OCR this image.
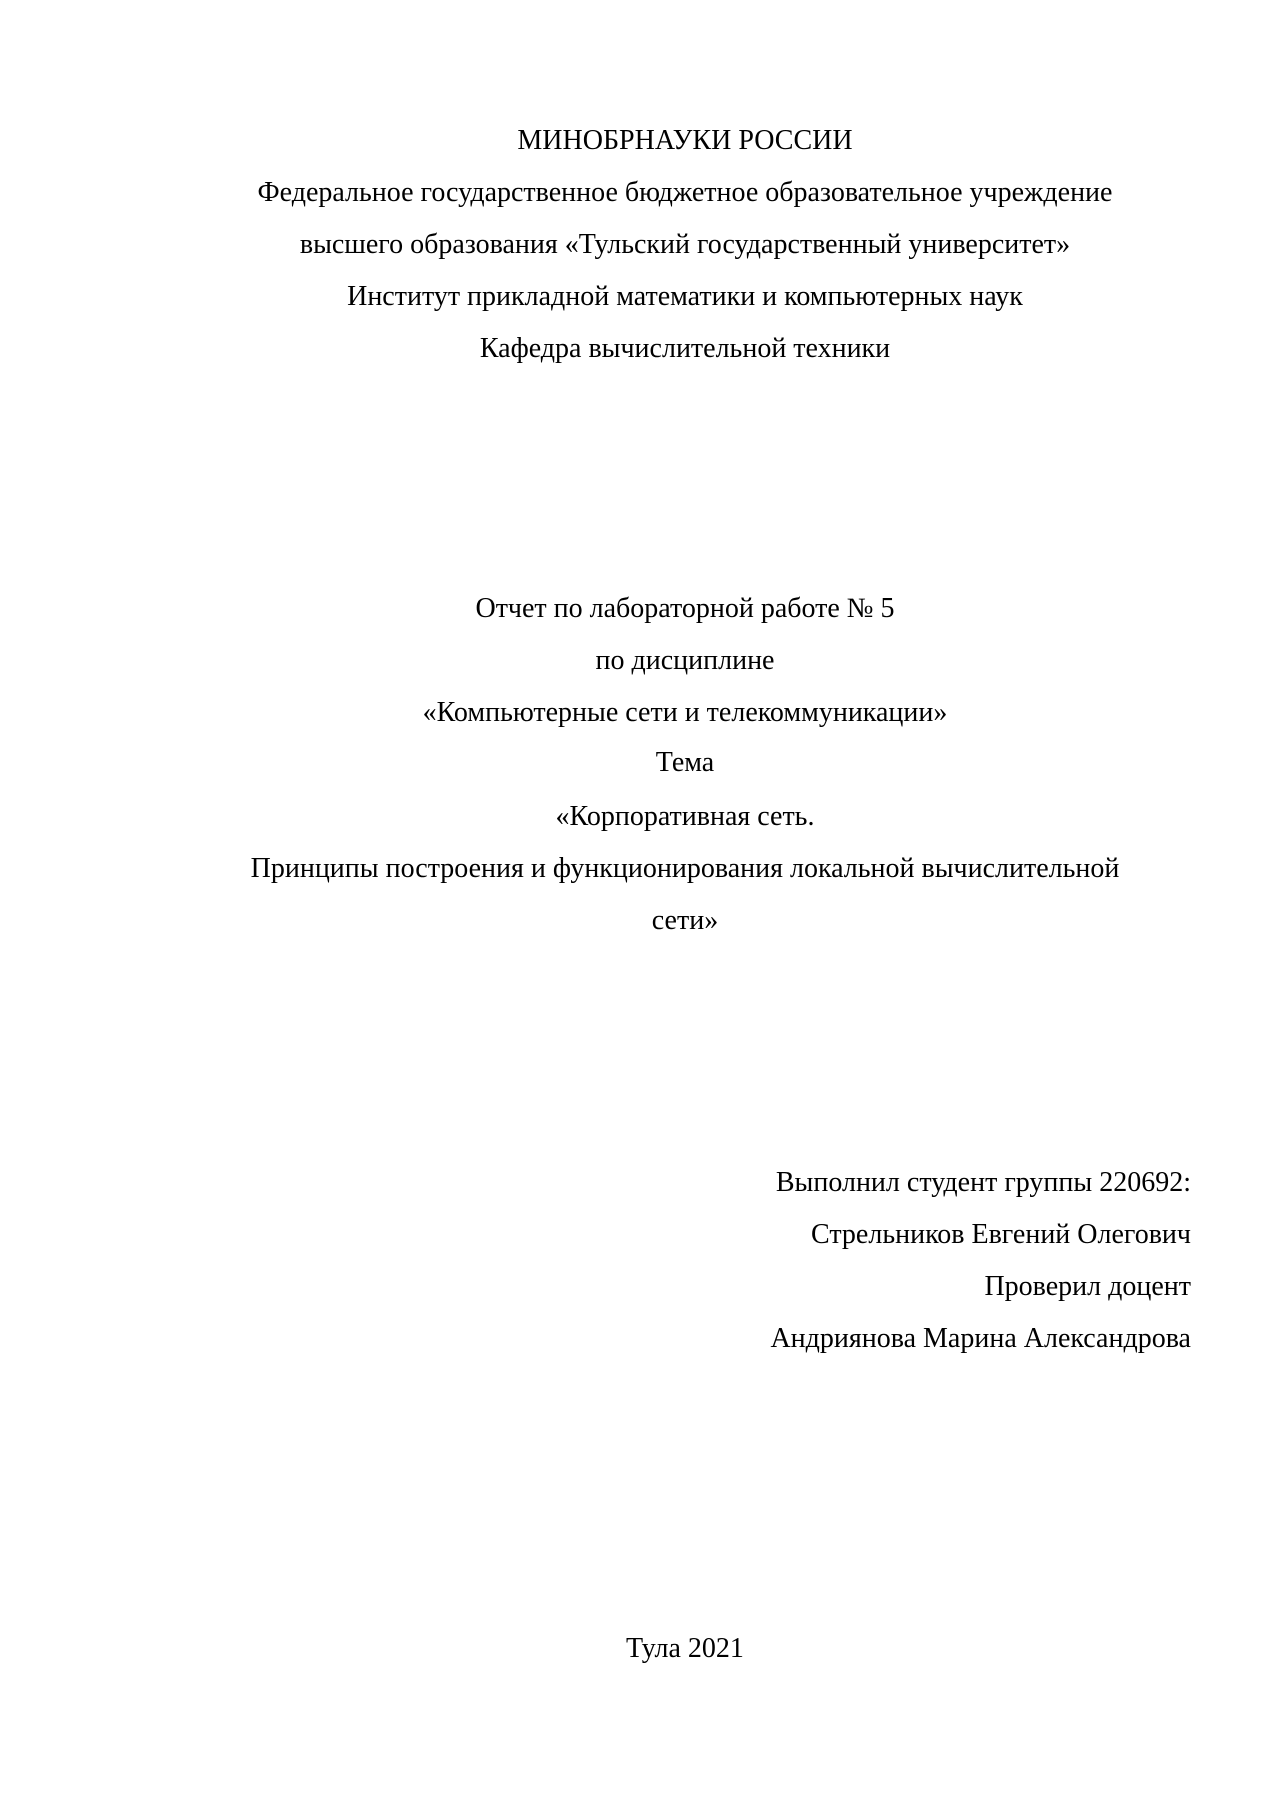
МИНОБРНАУКИ РОССИИ
Федеральное государственное бюджетное образовательное учреждение
высшего образования «Тульский государственный университет»
Институт прикладной математики и компьютерных наук
Кафедра вычислительной техники
Отчет по лабораторной работе № 5
по дисциплине
«Компьютерные сети и телекоммуникации»
Тема
«Корпоративная сеть.
Принципы построения и функционирования локальной вычислительной
сети»
Выполнил студент группы 220692:
Стрельников Евгений Олегович
Проверил доцент
Андриянова Марина Александрова
Тула 2021
